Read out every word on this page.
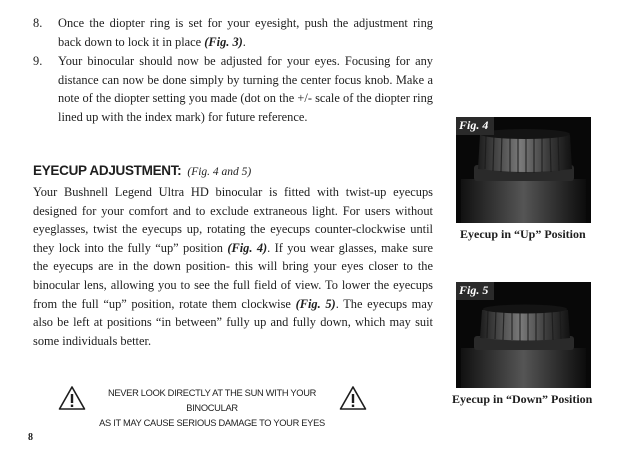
8. Once the diopter ring is set for your eyesight, push the adjustment ring back down to lock it in place (Fig. 3).
9. Your binocular should now be adjusted for your eyes. Focusing for any distance can now be done simply by turning the center focus knob. Make a note of the diopter setting you made (dot on the +/- scale of the diopter ring lined up with the index mark) for future reference.
EYECUP ADJUSTMENT: (Fig. 4 and 5)

Your Bushnell Legend Ultra HD binocular is fitted with twist-up eyecups designed for your comfort and to exclude extraneous light. For users without eyeglasses, twist the eyecups up, rotating the eyecups counter-clockwise until they lock into the fully “up” position (Fig. 4). If you wear glasses, make sure the eyecups are in the down position- this will bring your eyes closer to the binocular lens, allowing you to see the full field of view. To lower the eyecups from the full “up” position, rotate them clockwise (Fig. 5). The eyecups may also be left at positions “in between” fully up and fully down, which may suit some individuals better.

NEVER LOOK DIRECTLY AT THE SUN WITH YOUR BINOCULAR
AS IT MAY CAUSE SERIOUS DAMAGE TO YOUR EYES
8
Fig. 4
Eyecup in “Up” Position
Fig. 5
Eyecup in “Down” Position
